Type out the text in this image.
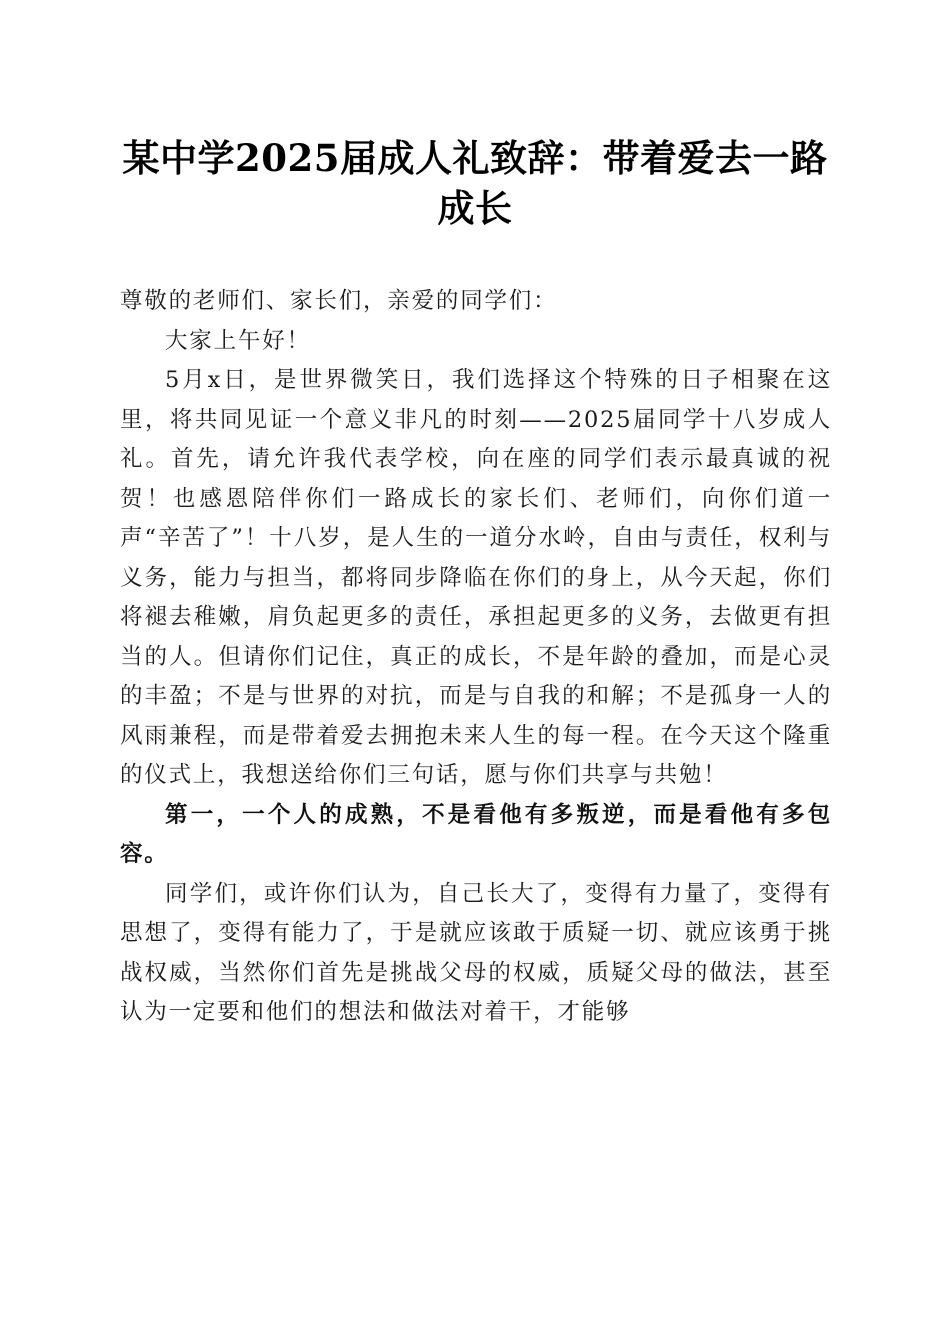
某中学2025届成人礼致辞：带着爱去一路成长

尊敬的老师们、家长们，亲爱的同学们：

大家上午好！

5月x日，是世界微笑日，我们选择这个特殊的日子相聚在这里，将共同见证一个意义非凡的时刻——2025届同学十八岁成人礼。首先，请允许我代表学校，向在座的同学们表示最真诚的祝贺！也感恩陪伴你们一路成长的家长们、老师们，向你们道一声“辛苦了”！十八岁，是人生的一道分水岭，自由与责任，权利与义务，能力与担当，都将同步降临在你们的身上，从今天起，你们将褪去稚嫩，肩负起更多的责任，承担起更多的义务，去做更有担当的人。但请你们记住，真正的成长，不是年龄的叠加，而是心灵的丰盈；不是与世界的对抗，而是与自我的和解；不是孤身一人的风雨兼程，而是带着爱去拥抱未来人生的每一程。在今天这个隆重的仪式上，我想送给你们三句话，愿与你们共享与共勉！

第一，一个人的成熟，不是看他有多叛逆，而是看他有多包容。

同学们，或许你们认为，自己长大了，变得有力量了，变得有思想了，变得有能力了，于是就应该敢于质疑一切、就应该勇于挑战权威，当然你们首先是挑战父母的权威，质疑父母的做法，甚至认为一定要和他们的想法和做法对着干，才能够
